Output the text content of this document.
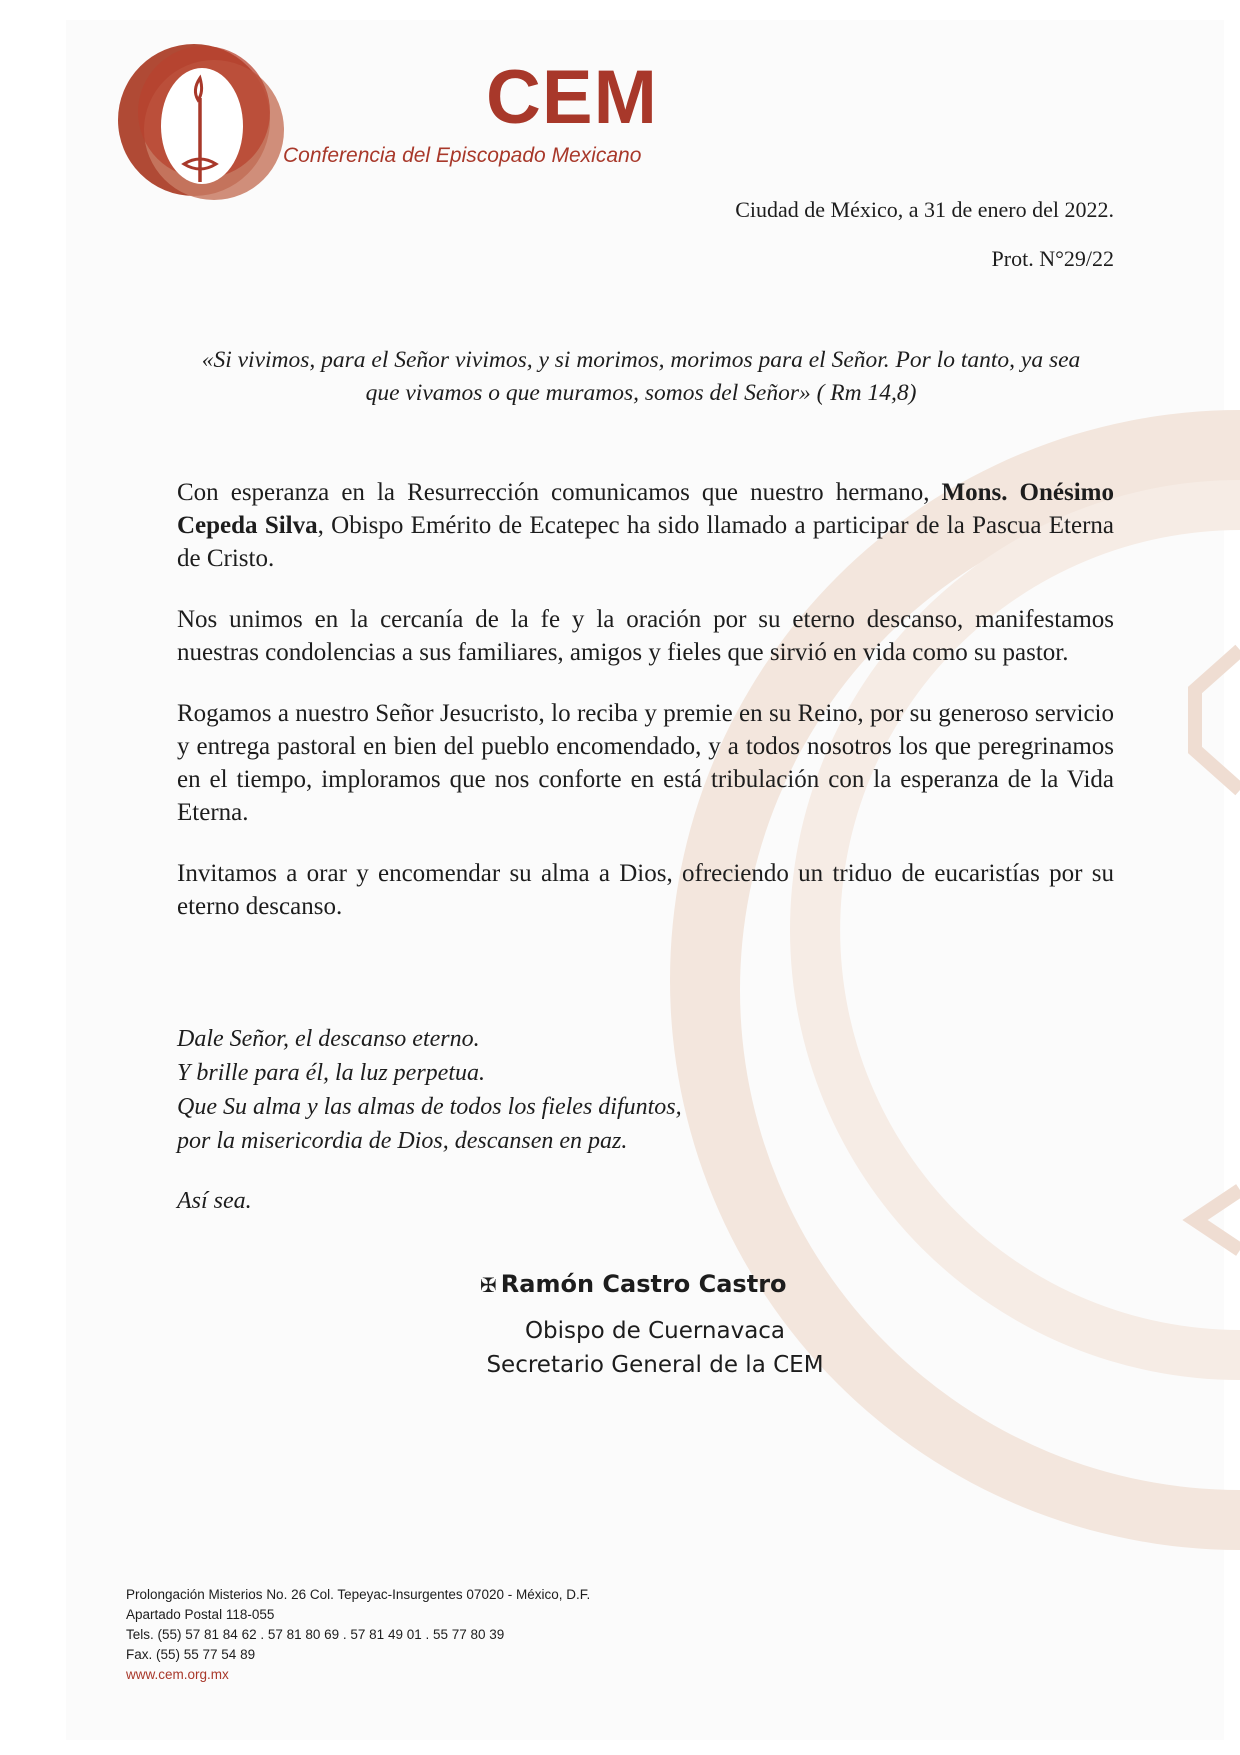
CEM
Conferencia del Episcopado Mexicano
Ciudad de México, a 31 de enero del 2022.
Prot. N°29/22
«Si vivimos, para el Señor vivimos, y si morimos, morimos para el Señor. Por lo tanto, ya sea
que vivamos o que muramos, somos del Señor» ( Rm 14,8)

Con esperanza en la Resurrección comunicamos que nuestro hermano, Mons. Onésimo Cepeda Silva, Obispo Emérito de Ecatepec ha sido llamado a participar de la Pascua Eterna de Cristo.

Nos unimos en la cercanía de la fe y la oración por su eterno descanso, manifestamos nuestras condolencias a sus familiares, amigos y fieles que sirvió en vida como su pastor.

Rogamos a nuestro Señor Jesucristo, lo reciba y premie en su Reino, por su generoso servicio y entrega pastoral en bien del pueblo encomendado, y a todos nosotros los que peregrinamos en el tiempo, imploramos que nos conforte en está tribulación con la esperanza de la Vida Eterna.

Invitamos a orar y encomendar su alma a Dios, ofreciendo un triduo de eucaristías por su eterno descanso.

Dale Señor, el descanso eterno.
Y brille para él, la luz perpetua.
Que Su alma y las almas de todos los fieles difuntos,
por la misericordia de Dios, descansen en paz.
Así sea.
✠ Ramón Castro Castro
Obispo de Cuernavaca
Secretario General de la CEM
Prolongación Misterios No. 26 Col. Tepeyac-Insurgentes 07020 - México, D.F.
Apartado Postal 118-055
Tels. (55) 57 81 84 62 . 57 81 80 69 . 57 81 49 01 . 55 77 80 39
Fax. (55) 55 77 54 89
www.cem.org.mx
